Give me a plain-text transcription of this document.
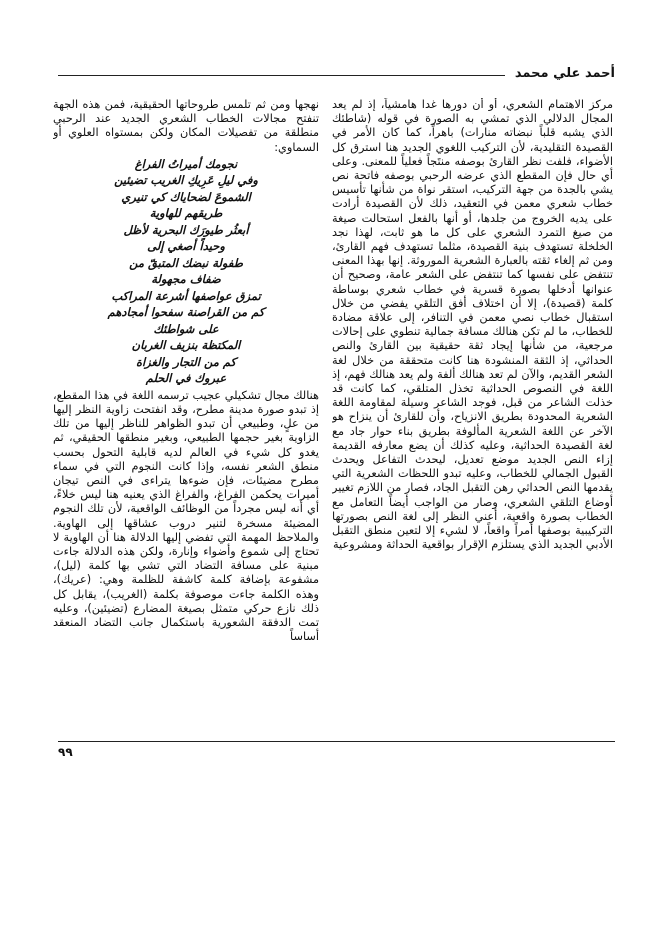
أحمد علي محمد

مركز الاهتمام الشعري، أو أن دورها غدا هامشياً، إذ لم يعد المجال الدلالي الذي تمشي به الصورة في قوله (شاطئك الذي يشبه قلباً نبضاته منارات) باهراً، كما كان الأمر في القصيدة التقليدية، لأن التركيب اللغوي الجديد هنا استرق كل الأضواء، فلفت نظر القارئ بوصفه منتَجاً فعلياً للمعنى. وعلى أي حال فإن المقطع الذي عرضه الرحبي بوصفه فاتحة نص يشي بالجدة من جهة التركيب، استقر نواة من شأنها تأسيس خطاب شعري معمن في التعقيد، ذلك لأن القصيدة أرادت على يديه الخروج من جلدها، أو أنها بالفعل استحالت صيغة من صيغ التمرد الشعري على كل ما هو ثابت، لهذا نجد الخلخلة تستهدف بنية القصيدة، مثلما تستهدف فهم القارئ، ومن ثم إلغاء ثقته بالعبارة الشعرية الموروثة. إنها بهذا المعنى تنتفض على نفسها كما تنتفض على الشعر عامة، وصحيح أن عنوانها أدخلها بصورة قسرية في خطاب شعري بوساطة كلمة (قصيدة)، إلا أن اختلاف أفق التلقي يفضي من خلال استقبال خطاب نصي معمن في التنافر، إلى علاقة مضادة للخطاب، ما لم تكن هنالك مسافة جمالية تنطوي على إحالات مرجعية، من شأنها إيجاد ثقة حقيقية بين القارئ والنص الحداثي، إذ الثقة المنشودة هنا كانت متحققة من خلال لغة الشعر القديم، والآن لم تعد هنالك ألفة ولم يعد هنالك فهم، إذ اللغة في النصوص الحداثية تخذل المتلقي، كما كانت قد خذلت الشاعر من قبل، فوجد الشاعر وسيلة لمقاومة اللغة الشعرية المحدودة بطريق الانزياح، وأن للقارئ أن ينزاح هو الآخر عن اللغة الشعرية المألوفة بطريق بناء حوار جاد مع لغة القصيدة الحداثية، وعليه كذلك أن يضع معارفه القديمة إزاء النص الجديد موضع تعديل، ليحدث التفاعل ويحدث القبول الجمالي للخطاب، وعليه تبدو اللحظات الشعرية التي يقدمها النص الحداثي رهن التقبل الجاد، فصار من اللازم تغيير أوضاع التلقي الشعري، وصار من الواجب أيضاً التعامل مع الخطاب بصورة واقعية، أعني النظر إلى لغة النص بصورتها التركيبية بوصفها أمراً واقعاً، لا لشيء إلا لتعين منطق التقبل الأدبي الجديد الذي يستلزم الإقرار بواقعية الحداثة ومشروعية

نهجها ومن ثم تلمس طروحاتها الحقيقية، فمن هذه الجهة تنفتح مجالات الخطاب الشعري الجديد عند الرحبي منطلقة من تفصيلات المكان ولكن بمستواه العلوي أو السماوي:

نجومك أميراتُ الفراغ
وفي ليلِ عَرِيكِ الغريب تضيئين
الشموعَ لضحاياك كي تنيري
طريقهم للهاوية
أبعثُر طيورَك البحرية لأظل
وحيداً أصغي إلى
طفولة نبضك المتبقّ من
ضفاف مجهولة
تمزق عواصفها أشرعة المراكب
كم من القراصنة سفحوا أمجادهم
على شواطئك
المكتظة بنزيف الغربان
كم من التجار والغزاة
عبروك في الحلم

هنالك مجال تشكيلي عجيب ترسمه اللغة في هذا المقطع، إذ تبدو صورة مدينة مطرح، وقد انفتحت زاوية النظر إليها من علٍ، وطبيعي أن تبدو الظواهر للناظر إليها من تلك الزاوية بغير حجمها الطبيعي، وبغير منطقها الحقيقي، ثم يغدو كل شيء في العالم لديه قابلية التحول بحسب منطق الشعر نفسه، وإذا كانت النجوم التي في سماء مطرح مضيئات، فإن ضوءها يتراءى في النص تيجان أميرات يحكمن الفراغ، والفراغ الذي يعنيه هنا ليس خلاءً، أي أنه ليس مجرداً من الوظائف الواقعية، لأن تلك النجوم المضيئة مسخرة لتنير دروب عشاقها إلى الهاوية. والملاحظ المهمة التي تفضي إليها الدلالة هنا أن الهاوية لا تحتاج إلى شموع وأضواء وإنارة، ولكن هذه الدلالة جاءت مبنية على مسافة التضاد التي تشي بها كلمة (ليل)، مشفوعة بإضافة كلمة كاشفة للظلمة وهي: (عريك)، وهذه الكلمة جاءت موصوفة بكلمة (الغريب)، يقابل كل ذلك نازع حركي متمثل بصيغة المضارع (تضيئين)، وعليه تمت الدفقة الشعورية باستكمال جانب التضاد المنعقد أساساً

٩٩
